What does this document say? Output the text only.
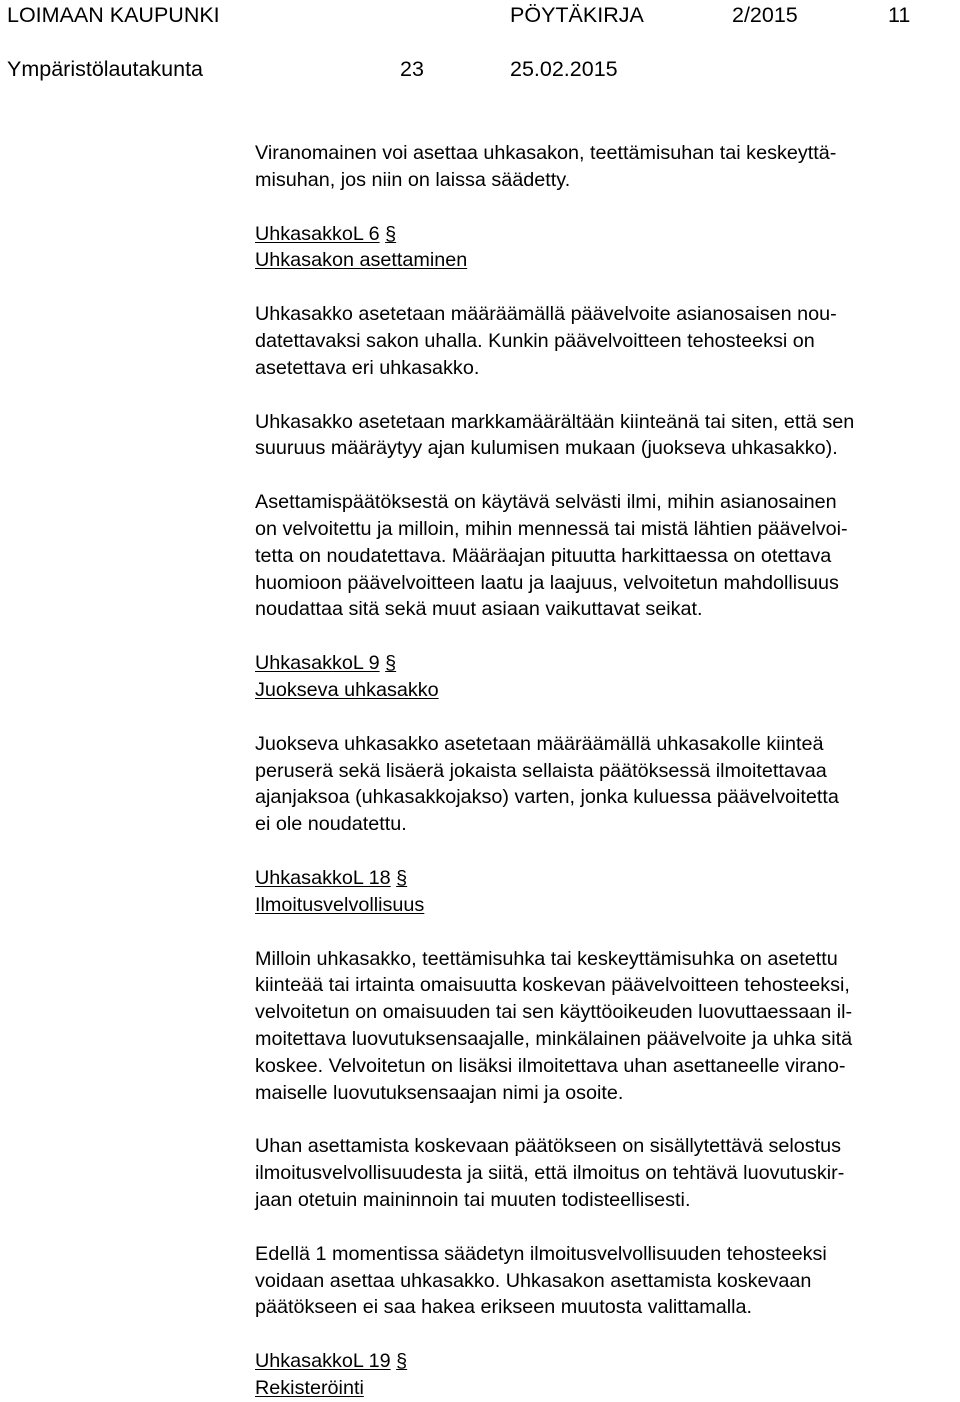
LOIMAAN KAUPUNKI	PÖYTÄKIRJA	2/2015	11
Ympäristölautakunta	23	25.02.2015

Viranomainen voi asettaa uhkasakon, teettämisuhan tai keskeyttä-
misuhan, jos niin on laissa säädetty.

UhkasakkoL 6 §

Uhkasakon asettaminen

Uhkasakko asetetaan määräämällä päävelvoite asianosaisen nou-
datettavaksi sakon uhalla. Kunkin päävelvoitteen tehosteeksi on
asetettava eri uhkasakko.

Uhkasakko asetetaan markkamäärältään kiinteänä tai siten, että sen
suuruus määräytyy ajan kulumisen mukaan (juokseva uhkasakko).

Asettamispäätöksestä on käytävä selvästi ilmi, mihin asianosainen
on velvoitettu ja milloin, mihin mennessä tai mistä lähtien päävelvoi-
tetta on noudatettava. Määräajan pituutta harkittaessa on otettava
huomioon päävelvoitteen laatu ja laajuus, velvoitetun mahdollisuus
noudattaa sitä sekä muut asiaan vaikuttavat seikat.

UhkasakkoL 9 §

Juokseva uhkasakko

Juokseva uhkasakko asetetaan määräämällä uhkasakolle kiinteä
peruserä sekä lisäerä jokaista sellaista päätöksessä ilmoitettavaa
ajanjaksoa (uhkasakkojakso) varten, jonka kuluessa päävelvoitetta
ei ole noudatettu.

UhkasakkoL 18 §

Ilmoitusvelvollisuus

Milloin uhkasakko, teettämisuhka tai keskeyttämisuhka on asetettu
kiinteää tai irtainta omaisuutta koskevan päävelvoitteen tehosteeksi,
velvoitetun on omaisuuden tai sen käyttöoikeuden luovuttaessaan il-
moitettava luovutuksensaajalle, minkälainen päävelvoite ja uhka sitä
koskee. Velvoitetun on lisäksi ilmoitettava uhan asettaneelle virano-
maiselle luovutuksensaajan nimi ja osoite.

Uhan asettamista koskevaan päätökseen on sisällytettävä selostus
ilmoitusvelvollisuudesta ja siitä, että ilmoitus on tehtävä luovutuskir-
jaan otetuin maininnoin tai muuten todisteellisesti.

Edellä 1 momentissa säädetyn ilmoitusvelvollisuuden tehosteeksi
voidaan asettaa uhkasakko. Uhkasakon asettamista koskevaan
päätökseen ei saa hakea erikseen muutosta valittamalla.

UhkasakkoL 19 §

Rekisteröinti
